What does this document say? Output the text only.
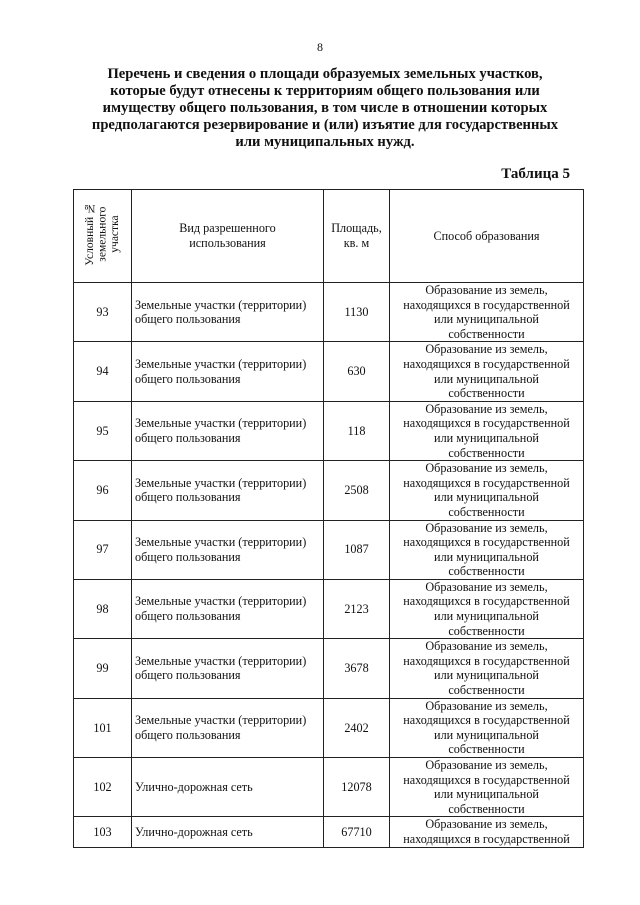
8
Перечень и сведения о площади образуемых земельных участков,
которые будут отнесены к территориям общего пользования или
имуществу общего пользования, в том числе в отношении которых
предполагаются резервирование и (или) изъятие для государственных
или муниципальных нужд.
Таблица 5
Условный №
земельного
участка	Вид разрешенного
использования	Площадь,
кв. м	Способ образования
93	Земельные участки (территории)
общего пользования	1130	Образование из земель,
находящихся в государственной
или муниципальной
собственности
94	Земельные участки (территории)
общего пользования	630	Образование из земель,
находящихся в государственной
или муниципальной
собственности
95	Земельные участки (территории)
общего пользования	118	Образование из земель,
находящихся в государственной
или муниципальной
собственности
96	Земельные участки (территории)
общего пользования	2508	Образование из земель,
находящихся в государственной
или муниципальной
собственности
97	Земельные участки (территории)
общего пользования	1087	Образование из земель,
находящихся в государственной
или муниципальной
собственности
98	Земельные участки (территории)
общего пользования	2123	Образование из земель,
находящихся в государственной
или муниципальной
собственности
99	Земельные участки (территории)
общего пользования	3678	Образование из земель,
находящихся в государственной
или муниципальной
собственности
101	Земельные участки (территории)
общего пользования	2402	Образование из земель,
находящихся в государственной
или муниципальной
собственности
102	Улично-дорожная сеть	12078	Образование из земель,
находящихся в государственной
или муниципальной
собственности
103	Улично-дорожная сеть	67710	Образование из земель,
находящихся в государственной
